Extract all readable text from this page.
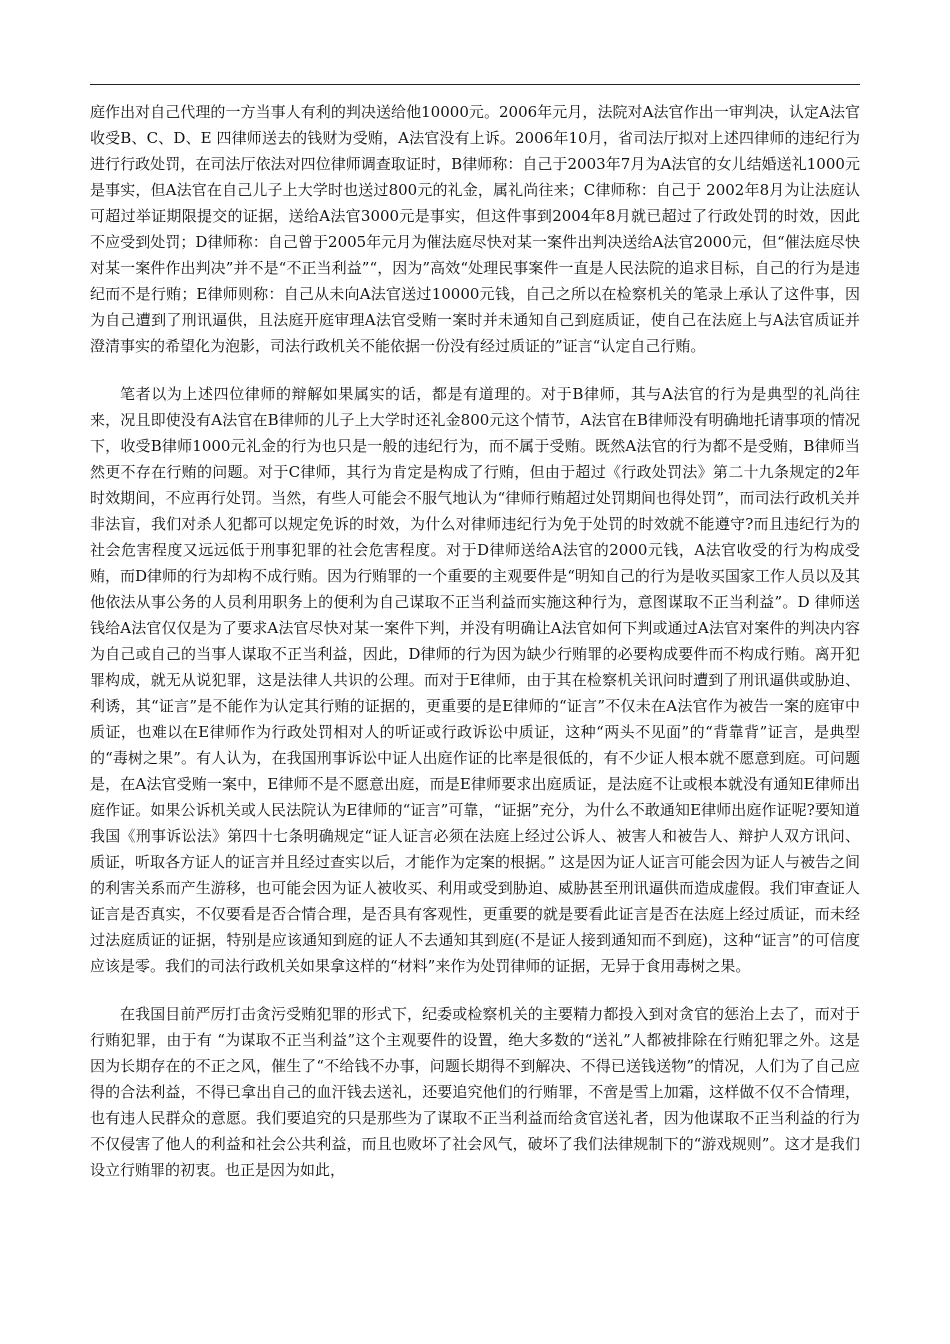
庭作出对自己代理的一方当事人有利的判决送给他10000元。2006年元月，法院对A法官作出一审判决，认定A法官收受B、C、D、E 四律师送去的钱财为受贿，A法官没有上诉。2006年10月，省司法厅拟对上述四律师的违纪行为进行行政处罚，在司法厅依法对四位律师调查取证时，B律师称：自己于2003年7月为A法官的女儿结婚送礼1000元是事实，但A法官在自己儿子上大学时也送过800元的礼金，属礼尚往来；C律师称：自己于 2002年8月为让法庭认可超过举证期限提交的证据，送给A法官3000元是事实，但这件事到2004年8月就已超过了行政处罚的时效，因此不应受到处罚；D律师称：自己曾于2005年元月为催法庭尽快对某一案件出判决送给A法官2000元，但“催法庭尽快对某一案件作出判决”并不是“不正当利益”“，因为”高效“处理民事案件一直是人民法院的追求目标，自己的行为是违纪而不是行贿；E律师则称：自己从未向A法官送过10000元钱，自己之所以在检察机关的笔录上承认了这件事，因为自己遭到了刑讯逼供，且法庭开庭审理A法官受贿一案时并未通知自己到庭质证，使自己在法庭上与A法官质证并澄清事实的希望化为泡影，司法行政机关不能依据一份没有经过质证的”证言“认定自己行贿。

笔者以为上述四位律师的辩解如果属实的话，都是有道理的。对于B律师，其与A法官的行为是典型的礼尚往来，况且即使没有A法官在B律师的儿子上大学时还礼金800元这个情节，A法官在B律师没有明确地托请事项的情况下，收受B律师1000元礼金的行为也只是一般的违纪行为，而不属于受贿。既然A法官的行为都不是受贿，B律师当然更不存在行贿的问题。对于C律师，其行为肯定是构成了行贿，但由于超过《行政处罚法》第二十九条规定的2年时效期间，不应再行处罚。当然，有些人可能会不服气地认为“律师行贿超过处罚期间也得处罚”，而司法行政机关并非法盲，我们对杀人犯都可以规定免诉的时效，为什么对律师违纪行为免于处罚的时效就不能遵守?而且违纪行为的社会危害程度又远远低于刑事犯罪的社会危害程度。对于D律师送给A法官的2000元钱，A法官收受的行为构成受贿，而D律师的行为却构不成行贿。因为行贿罪的一个重要的主观要件是“明知自己的行为是收买国家工作人员以及其他依法从事公务的人员利用职务上的便利为自己谋取不正当利益而实施这种行为，意图谋取不正当利益”。D 律师送钱给A法官仅仅是为了要求A法官尽快对某一案件下判，并没有明确让A法官如何下判或通过A法官对案件的判决内容为自己或自己的当事人谋取不正当利益，因此，D律师的行为因为缺少行贿罪的必要构成要件而不构成行贿。离开犯罪构成，就无从说犯罪，这是法律人共识的公理。而对于E律师，由于其在检察机关讯问时遭到了刑讯逼供或胁迫、利诱，其“证言”是不能作为认定其行贿的证据的，更重要的是E律师的“证言”不仅未在A法官作为被告一案的庭审中质证，也难以在E律师作为行政处罚相对人的听证或行政诉讼中质证，这种“两头不见面”的“背靠背”证言，是典型的“毒树之果”。有人认为，在我国刑事诉讼中证人出庭作证的比率是很低的，有不少证人根本就不愿意到庭。可问题是，在A法官受贿一案中，E律师不是不愿意出庭，而是E律师要求出庭质证，是法庭不让或根本就没有通知E律师出庭作证。如果公诉机关或人民法院认为E律师的“证言”可靠，“证据”充分，为什么不敢通知E律师出庭作证呢?要知道我国《刑事诉讼法》第四十七条明确规定“证人证言必须在法庭上经过公诉人、被害人和被告人、辩护人双方讯问、质证，听取各方证人的证言并且经过查实以后，才能作为定案的根据。” 这是因为证人证言可能会因为证人与被告之间的利害关系而产生游移，也可能会因为证人被收买、利用或受到胁迫、威胁甚至刑讯逼供而造成虚假。我们审查证人证言是否真实，不仅要看是否合情合理，是否具有客观性，更重要的就是要看此证言是否在法庭上经过质证，而未经过法庭质证的证据，特别是应该通知到庭的证人不去通知其到庭(不是证人接到通知而不到庭)，这种“证言”的可信度应该是零。我们的司法行政机关如果拿这样的“材料”来作为处罚律师的证据，无异于食用毒树之果。

在我国目前严厉打击贪污受贿犯罪的形式下，纪委或检察机关的主要精力都投入到对贪官的惩治上去了，而对于行贿犯罪，由于有 “为谋取不正当利益”这个主观要件的设置，绝大多数的“送礼”人都被排除在行贿犯罪之外。这是因为长期存在的不正之风，催生了“不给钱不办事，问题长期得不到解决、不得已送钱送物”的情况，人们为了自己应得的合法利益，不得已拿出自己的血汗钱去送礼，还要追究他们的行贿罪，不啻是雪上加霜，这样做不仅不合情理，也有违人民群众的意愿。我们要追究的只是那些为了谋取不正当利益而给贪官送礼者，因为他谋取不正当利益的行为不仅侵害了他人的利益和社会公共利益，而且也败坏了社会风气，破坏了我们法律规制下的“游戏规则”。这才是我们设立行贿罪的初衷。也正是因为如此，
